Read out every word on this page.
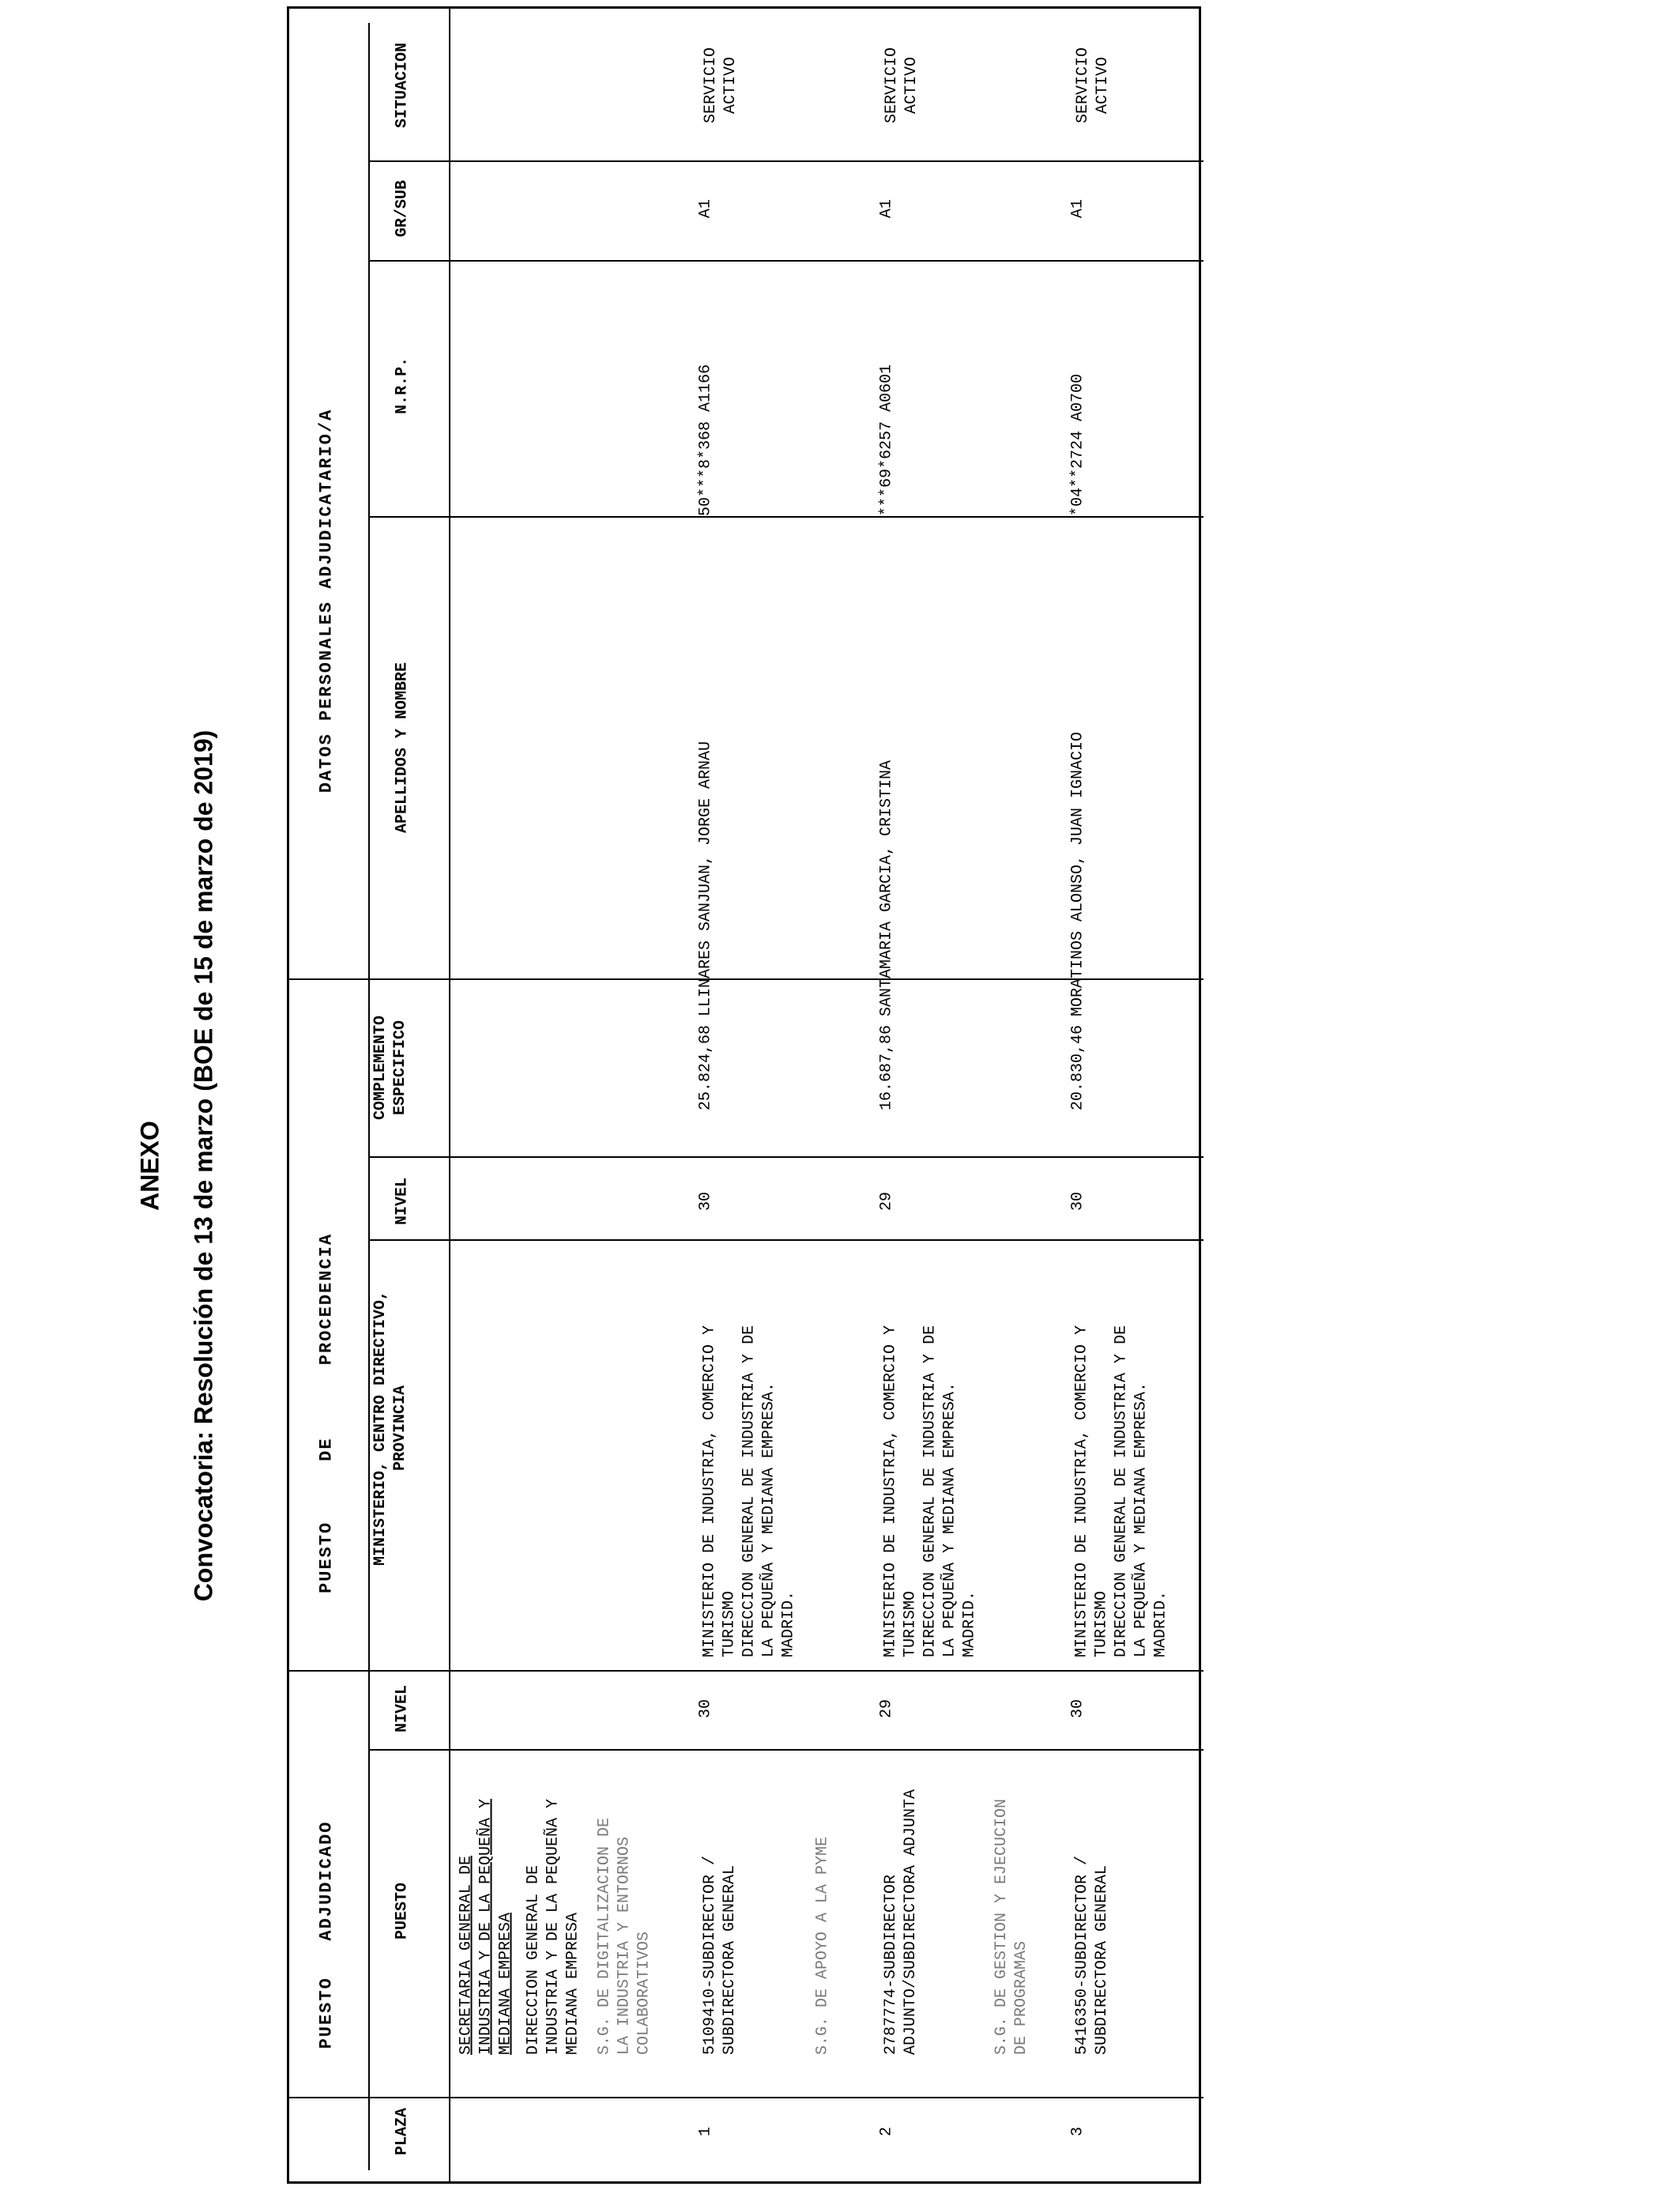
ANEXO Convocatoria: Resolución de 13 de marzo (BOE de 15 de marzo de 2019)
PUESTO   ADJUDICADO
PUESTO     DE      PROCEDENCIA
DATOS PERSONALES ADJUDICATARIO/A
PLAZA
PUESTO
NIVEL
MINISTERIO, CENTRO DIRECTIVO,
PROVINCIA
NIVEL
COMPLEMENTO
ESPECIFICO
APELLIDOS Y NOMBRE
N.R.P.
GR/SUB
SITUACION
SECRETARIA GENERAL DE
INDUSTRIA Y DE LA PEQUEÑA Y
MEDIANA EMPRESA
DIRECCION GENERAL DE
INDUSTRIA Y DE LA PEQUEÑA Y
MEDIANA EMPRESA
S.G. DE DIGITALIZACION DE
LA INDUSTRIA Y ENTORNOS
COLABORATIVOS	S.G. DE APOYO A LA PYME	S.G. DE GESTION Y EJECUCION
DE PROGRAMAS
1
5109410-SUBDIRECTOR /
SUBDIRECTORA GENERAL
30
MINISTERIO DE INDUSTRIA, COMERCIO Y
TURISMO
DIRECCION GENERAL DE INDUSTRIA Y DE
LA PEQUEÑA Y MEDIANA EMPRESA.
MADRID.
30
25.824,68
LLINARES SANJUAN, JORGE ARNAU
50***8*368 A1166
A1
SERVICIO
ACTIVO
2
2787774-SUBDIRECTOR
ADJUNTO/SUBDIRECTORA ADJUNTA
29
MINISTERIO DE INDUSTRIA, COMERCIO Y
TURISMO
DIRECCION GENERAL DE INDUSTRIA Y DE
LA PEQUEÑA Y MEDIANA EMPRESA.
MADRID.
29
16.687,86
SANTAMARIA GARCIA, CRISTINA
***69*6257 A0601
A1
SERVICIO
ACTIVO
3
5416350-SUBDIRECTOR /
SUBDIRECTORA GENERAL
30
MINISTERIO DE INDUSTRIA, COMERCIO Y
TURISMO
DIRECCION GENERAL DE INDUSTRIA Y DE
LA PEQUEÑA Y MEDIANA EMPRESA.
MADRID.
30
20.830,46
MORATINOS ALONSO, JUAN IGNACIO
*04**2724 A0700
A1
SERVICIO
ACTIVO
